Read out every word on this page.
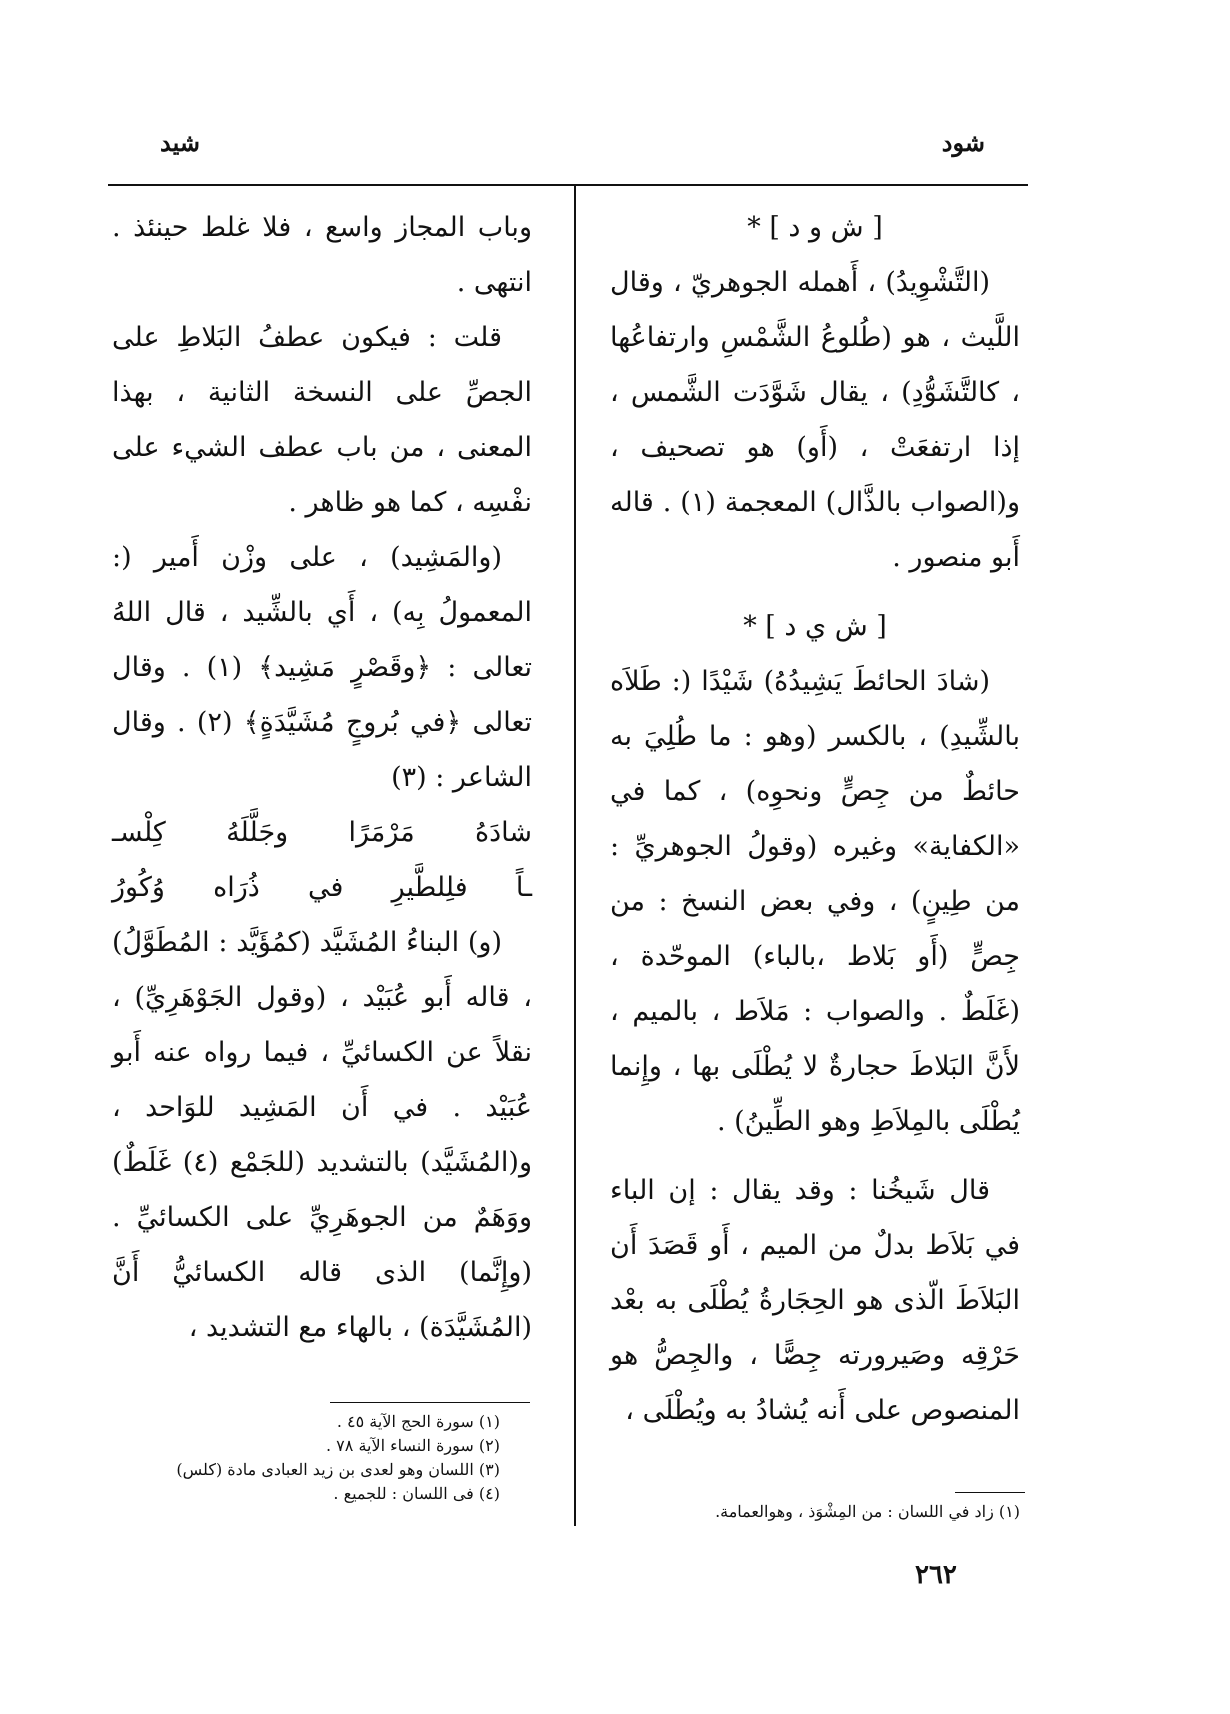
شود
شيد

[ ش و د ] *

(التَّشْوِيدُ) ، أَهمله الجوهريّ ، وقال اللَّيث ، هو (طُلوعُ الشَّمْسِ وارتفاعُها ، كالتَّشَوُّدِ) ، يقال شَوَّدَت الشَّمس ، إذا ارتفعَتْ ، (أَو) هو تصحيف ، و(الصواب بالذَّال) المعجمة (١) . قاله أَبو منصور .

[ ش ي د ] *

(شادَ الحائطَ يَشِيدُهُ) شَيْدًا (: طَلاَه بالشِّيدِ) ، بالكسر (وهو : ما طُلِيَ به حائطٌ من جِصٍّ ونحوِه) ، كما في «الكفاية» وغيره (وقولُ الجوهريِّ : من طِينٍ) ، وفي بعض النسخ : من جِصٍّ (أَو بَلاط ،بالباء) الموحّدة ، (غَلَطٌ . والصواب : مَلاَط ، بالميم ، لأَنَّ البَلاطَ حجارةٌ لا يُطْلَى بها ، وإِنما يُطْلَى بالمِلاَطِ وهو الطِّينُ) .

قال شَيخُنا : وقد يقال : إن الباء في بَلاَط بدلٌ من الميم ، أَو قَصَدَ أَن البَلاَطَ الّذى هو الحِجَارةُ يُطْلَى به بعْد حَرْقِه وصَيرورته جِصًّا ، والجِصُّ هو المنصوص على أَنه يُشادُ به ويُطْلَى ،

وباب المجاز واسع ، فلا غلط حينئذ . انتهى .

قلت : فيكون عطفُ البَلاطِ على الجصِّ على النسخة الثانية ، بهذا المعنى ، من باب عطف الشيء على نفْسِه ، كما هو ظاهر .

(والمَشِيد) ، على وزْن أَمير (: المعمولُ بِه) ، أَي بالشِّيد ، قال اللهُ تعالى : ﴿وقَصْرٍ مَشِيد﴾ (١) . وقال تعالى ﴿في بُروجٍ مُشَيَّدَةٍ﴾ (٢) . وقال الشاعر : (٣)

شادَهُ مَرْمَرًا وجَلَّلَهُ كِلْسـ

ـاً فلِلطَّيرِ في ذُرَاه وُكُورُ

(و) البناءُ المُشَيَّد (كمُؤَيَّد : المُطَوَّلُ) ، قاله أَبو عُبَيْد ، (وقول الجَوْهَرِيِّ) ، نقلاً عن الكسائيِّ ، فيما رواه عنه أَبو عُبَيْد . في أَن المَشِيد للوَاحد ، و(المُشَيَّد) بالتشديد (للجَمْع (٤) غَلَطٌ) ووَهَمٌ من الجوهَرِيِّ على الكسائيِّ . (وإِنَّما) الذى قاله الكسائيُّ أَنَّ (المُشَيَّدَة) ، بالهاء مع التشديد ،

(١) سورة الحج الآية ٤٥ .
(٢) سورة النساء الآية ٧٨ .
(٣) اللسان وهو لعدى بن زيد العبادى مادة (كلس)
(٤) فى اللسان : للجميع .
(١) زاد في اللسان : من المِشْوَذ ، وهوالعمامة.
٢٦٢
